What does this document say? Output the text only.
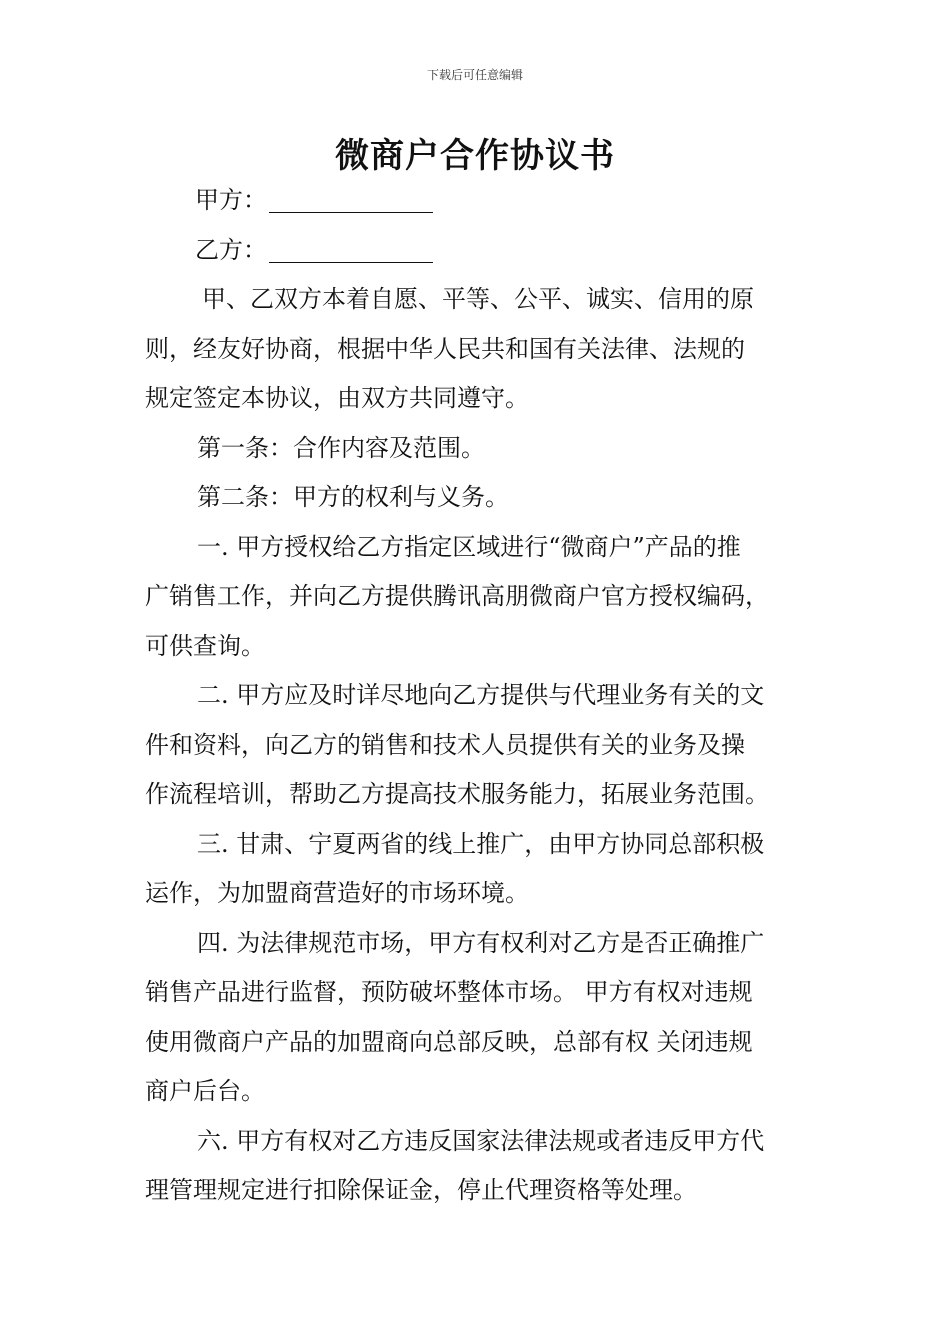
下载后可任意编辑
微商户合作协议书
甲方：
乙方：
甲、乙双方本着自愿、平等、公平、诚实、信用的原
则，经友好协商，根据中华人民共和国有关法律、法规的
规定签定本协议，由双方共同遵守。
第一条：合作内容及范围。
第二条：甲方的权利与义务。
一. 甲方授权给乙方指定区域进行“微商户”产品的推
广销售工作，并向乙方提供腾讯高朋微商户官方授权编码，
可供查询。
二. 甲方应及时详尽地向乙方提供与代理业务有关的文
件和资料，向乙方的销售和技术人员提供有关的业务及操
作流程培训，帮助乙方提高技术服务能力，拓展业务范围。
三. 甘肃、宁夏两省的线上推广，由甲方协同总部积极
运作，为加盟商营造好的市场环境。
四. 为法律规范市场，甲方有权利对乙方是否正确推广
销售产品进行监督，预防破坏整体市场。 甲方有权对违规
使用微商户产品的加盟商向总部反映，总部有权 关闭违规
商户后台。
六. 甲方有权对乙方违反国家法律法规或者违反甲方代
理管理规定进行扣除保证金，停止代理资格等处理。
